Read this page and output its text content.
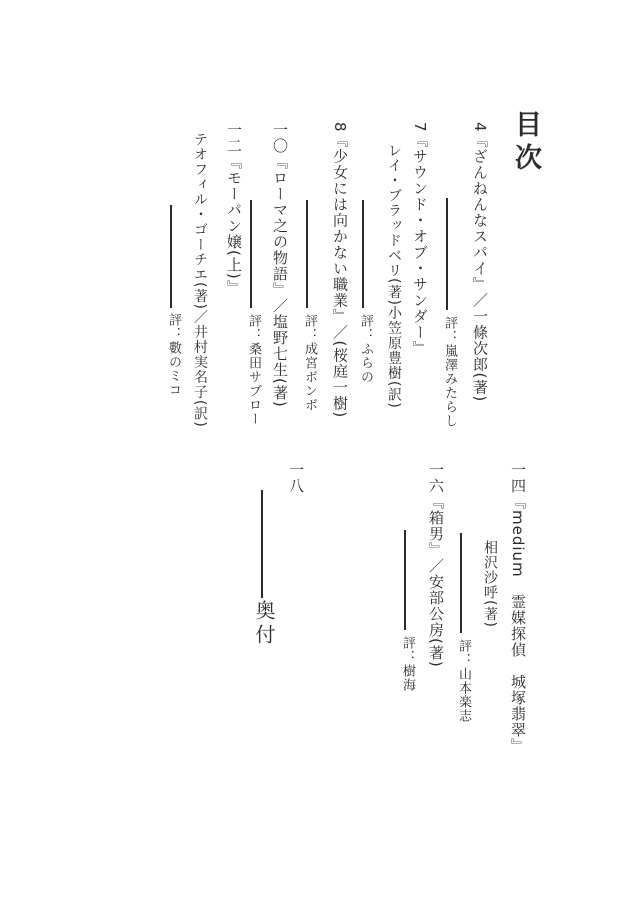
目次
4『ざんねんなスパイ』／一條次郎(著)
評：嵐澤みたらし
7『サウンド・オブ・サンダー』
レイ・ブラッドベリ(著)小笠原豊樹(訳)
評：ふらの
8『少女には向かない職業』／(桜庭一樹)
評：成宮ボンボ
一〇『ローマ之の物語』／塩野七生(著)
評：桑田サブロー
一二『モーパン嬢(上)』
テオフィル・ゴーチエ(著)／井村実名子(訳)
評：數のミコ
一四『medium　霊媒探偵　城塚翡翠』
相沢沙呼(著)
評：山本楽志
一六『箱男』／安部公房(著)
評：樹海
一八
奥付
